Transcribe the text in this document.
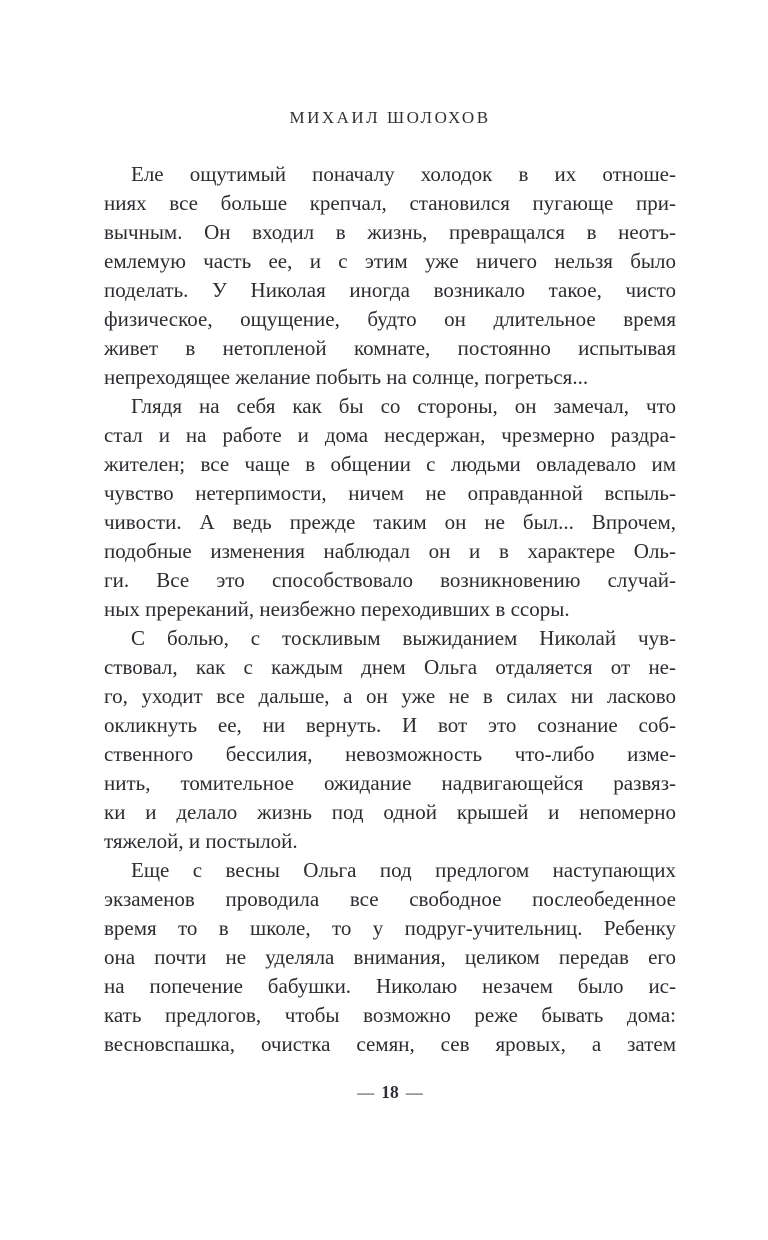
МИХАИЛ ШОЛОХОВ
Еле ощутимый поначалу холодок в их отноше-
ниях все больше крепчал, становился пугающе при-
вычным. Он входил в жизнь, превращался в неотъ-
емлемую часть ее, и с этим уже ничего нельзя было
поделать. У Николая иногда возникало такое, чисто
физическое, ощущение, будто он длительное время
живет в нетопленой комнате, постоянно испытывая
непреходящее желание побыть на солнце, погреться...
Глядя на себя как бы со стороны, он замечал, что
стал и на работе и дома несдержан, чрезмерно раздра-
жителен; все чаще в общении с людьми овладевало им
чувство нетерпимости, ничем не оправданной вспыль-
чивости. А ведь прежде таким он не был... Впрочем,
подобные изменения наблюдал он и в характере Оль-
ги. Все это способствовало возникновению случай-
ных пререканий, неизбежно переходивших в ссоры.
С болью, с тоскливым выжиданием Николай чув-
ствовал, как с каждым днем Ольга отдаляется от не-
го, уходит все дальше, а он уже не в силах ни ласково
окликнуть ее, ни вернуть. И вот это сознание соб-
ственного бессилия, невозможность что-либо изме-
нить, томительное ожидание надвигающейся развяз-
ки и делало жизнь под одной крышей и непомерно
тяжелой, и постылой.
Еще с весны Ольга под предлогом наступающих
экзаменов проводила все свободное послеобеденное
время то в школе, то у подруг-учительниц. Ребенку
она почти не уделяла внимания, целиком передав его
на попечение бабушки. Николаю незачем было ис-
кать предлогов, чтобы возможно реже бывать дома:
весновспашка, очистка семян, сев яровых, а затем
— 18 —
